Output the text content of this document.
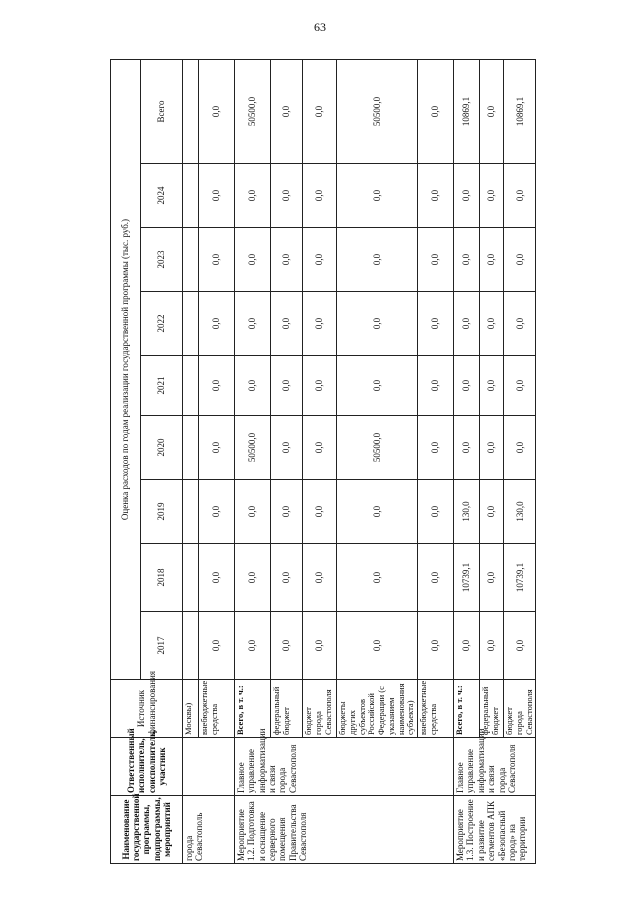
63
Наименование государственной программы, подпрограммы, мероприятий	Ответственный исполнитель, соисполнитель, участник	Источник финансирования	Оценка расходов по годам реализации государственной программы (тыс. руб.)								
			2017	2018	2019	2020	2021	2022	2023	2024	Всего
города Севастополь		Москвы)									
		внебюджетные средства	0,0	0,0	0,0	0,0	0,0	0,0	0,0	0,0	0,0
Мероприятие 1.2. Подготовка и оснащение серверного помещения Правительства Севастополя	Главное управление информатизации и связи города Севастополя	Всего, в т. ч.:	0,0	0,0	0,0	50500,0	0,0	0,0	0,0	0,0	50500,0
		федеральный бюджет	0,0	0,0	0,0	0,0	0,0	0,0	0,0	0,0	0,0
		бюджет города Севастополя	0,0	0,0	0,0	0,0	0,0	0,0	0,0	0,0	0,0
		бюджеты других субъектов Российской Федерации (с указанием наименования субъекта)	0,0	0,0	0,0	50500,0	0,0	0,0	0,0	0,0	50500,0
		внебюджетные средства	0,0	0,0	0,0	0,0	0,0	0,0	0,0	0,0	0,0
Мероприятие 1.3. Построение и развитие сегментов АПК «Безопасный город» на территории	Главное управление информатизации и связи города Севастополя	Всего, в т. ч.:	0,0	10739,1	130,0	0,0	0,0	0,0	0,0	0,0	10869,1
		федеральный бюджет	0,0	0,0	0,0	0,0	0,0	0,0	0,0	0,0	0,0
		бюджет города Севастополя	0,0	10739,1	130,0	0,0	0,0	0,0	0,0	0,0	10869,1
